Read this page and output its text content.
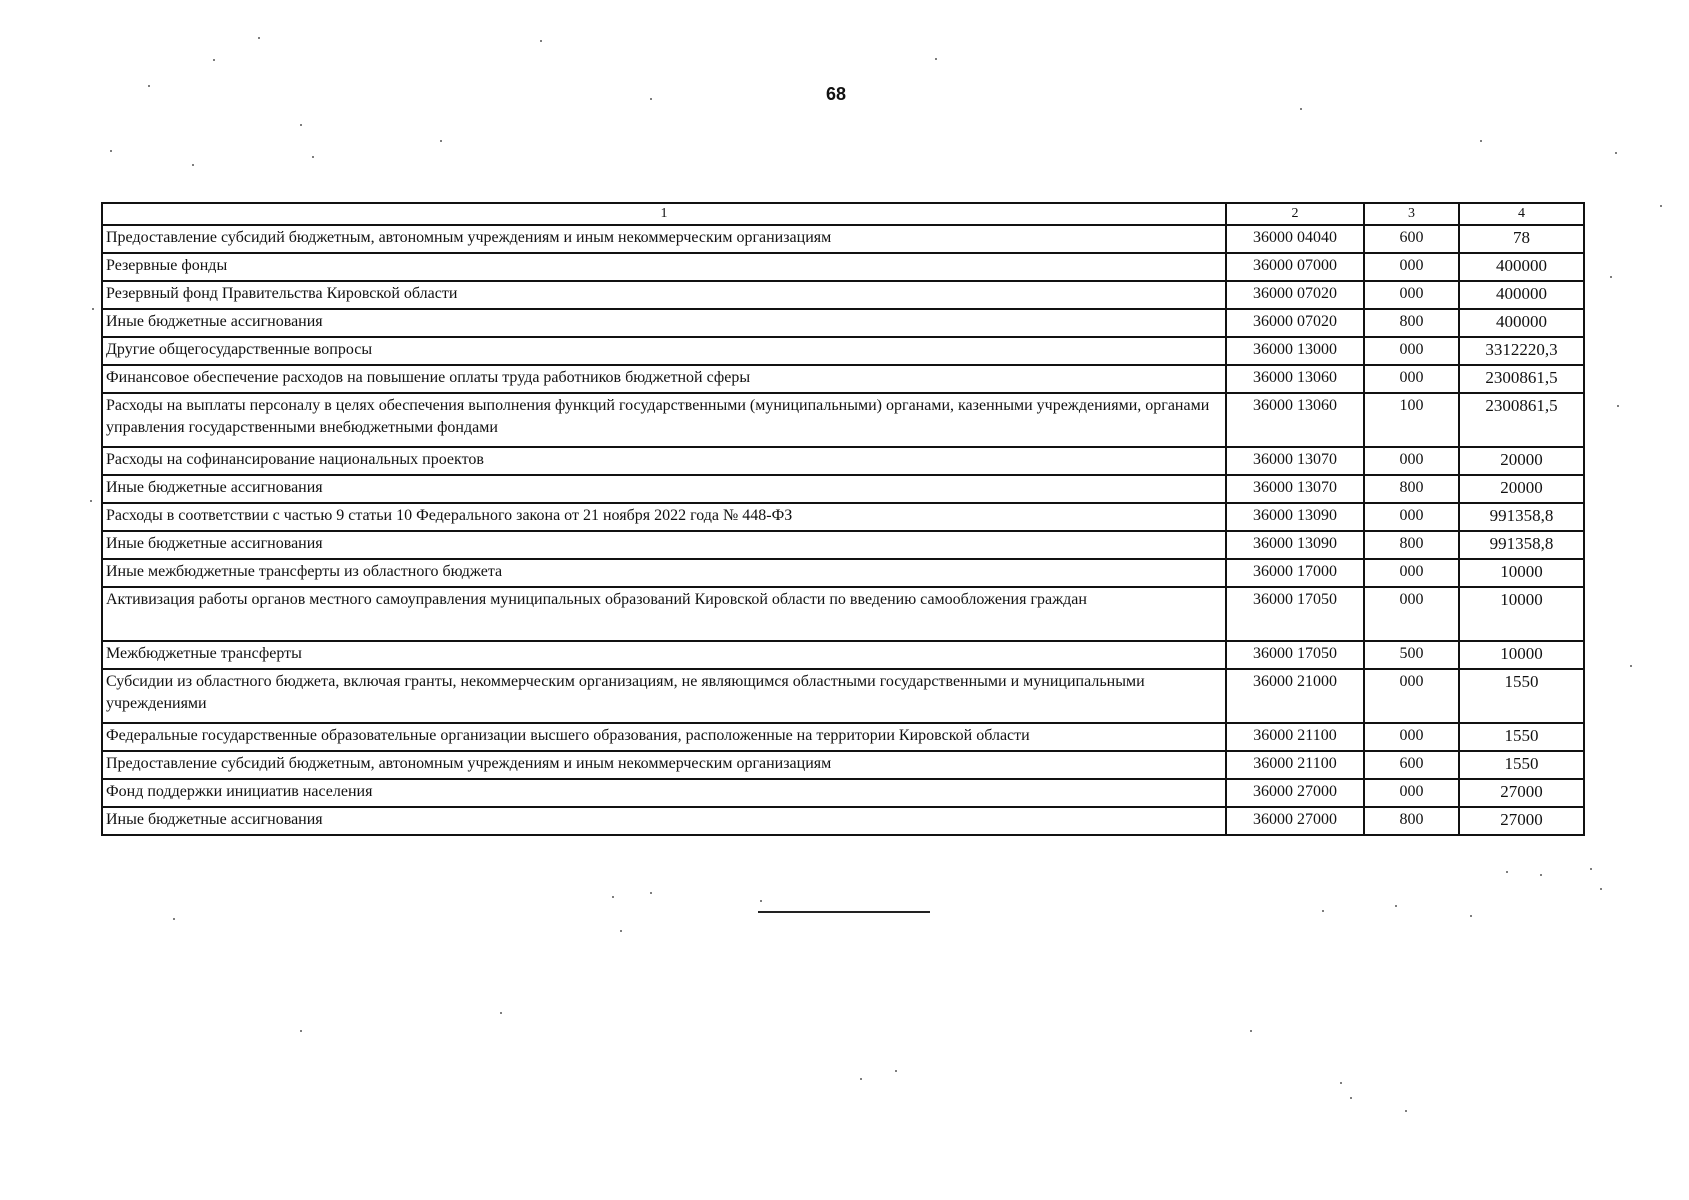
68
1	2	3	4
Предоставление субсидий бюджетным, автономным учреждениям и иным некоммерческим организациям	36000 04040	600	78
Резервные фонды	36000 07000	000	400000
Резервный фонд Правительства Кировской области	36000 07020	000	400000
Иные бюджетные ассигнования	36000 07020	800	400000
Другие общегосударственные вопросы	36000 13000	000	3312220,3
Финансовое обеспечение расходов на повышение оплаты труда работников бюджетной сферы	36000 13060	000	2300861,5
Расходы на выплаты персоналу в целях обеспечения выполнения функций государственными (муниципальными) органами, казенными учреждениями, органами управления государственными внебюджетными фондами	36000 13060	100	2300861,5
Расходы на софинансирование национальных проектов	36000 13070	000	20000
Иные бюджетные ассигнования	36000 13070	800	20000
Расходы в соответствии с частью 9 статьи 10 Федерального закона от 21 ноября 2022 года № 448-ФЗ	36000 13090	000	991358,8
Иные бюджетные ассигнования	36000 13090	800	991358,8
Иные межбюджетные трансферты из областного бюджета	36000 17000	000	10000
Активизация работы органов местного самоуправления муниципальных образований Кировской области по введению самообложения граждан	36000 17050	000	10000
Межбюджетные трансферты	36000 17050	500	10000
Субсидии из областного бюджета, включая гранты, некоммерческим организациям, не являющимся областными государственными и муниципальными учреждениями	36000 21000	000	1550
Федеральные государственные образовательные организации высшего образования, расположенные на территории Кировской области	36000 21100	000	1550
Предоставление субсидий бюджетным, автономным учреждениям и иным некоммерческим организациям	36000 21100	600	1550
Фонд поддержки инициатив населения	36000 27000	000	27000
Иные бюджетные ассигнования	36000 27000	800	27000
